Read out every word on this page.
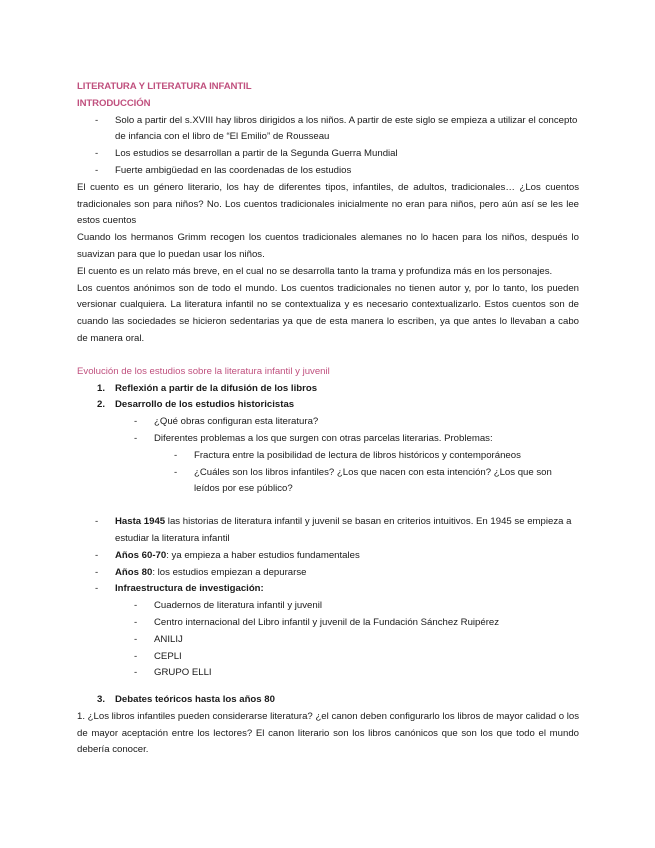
LITERATURA Y LITERATURA INFANTIL
INTRODUCCIÓN
- Solo a partir del s.XVIII hay libros dirigidos a los niños. A partir de este siglo se empieza a utilizar el concepto de infancia con el libro de “El Emilio” de Rousseau
- Los estudios se desarrollan a partir de la Segunda Guerra Mundial
- Fuerte ambigüedad en las coordenadas de los estudios

El cuento es un género literario, los hay de diferentes tipos, infantiles, de adultos, tradicionales… ¿Los cuentos tradicionales son para niños? No. Los cuentos tradicionales inicialmente no eran para niños, pero aún así se les lee estos cuentos

Cuando los hermanos Grimm recogen los cuentos tradicionales alemanes no lo hacen para los niños, después lo suavizan para que lo puedan usar los niños.

El cuento es un relato más breve, en el cual no se desarrolla tanto la trama y profundiza más en los personajes.

Los cuentos anónimos son de todo el mundo. Los cuentos tradicionales no tienen autor y, por lo tanto, los pueden versionar cualquiera. La literatura infantil no se contextualiza y es necesario contextualizarlo. Estos cuentos son de cuando las sociedades se hicieron sedentarias ya que de esta manera lo escriben, ya que antes lo llevaban a cabo de manera oral.

Evolución de los estudios sobre la literatura infantil y juvenil
1. Reflexión a partir de la difusión de los libros
2. Desarrollo de los estudios historicistas
- ¿Qué obras configuran esta literatura?
- Diferentes problemas a los que surgen con otras parcelas literarias. Problemas:
- Fractura entre la posibilidad de lectura de libros históricos y contemporáneos
- ¿Cuáles son los libros infantiles? ¿Los que nacen con esta intención? ¿Los que son leídos por ese público?
- Hasta 1945 las historias de literatura infantil y juvenil se basan en criterios intuitivos. En 1945 se empieza a estudiar la literatura infantil
- Años 60-70: ya empieza a haber estudios fundamentales
- Años 80: los estudios empiezan a depurarse
- Infraestructura de investigación:
- Cuadernos de literatura infantil y juvenil
- Centro internacional del Libro infantil y juvenil de la Fundación Sánchez Ruipérez
- ANILIJ
- CEPLI
- GRUPO ELLI
3. Debates teóricos hasta los años 80

1. ¿Los libros infantiles pueden considerarse literatura? ¿el canon deben configurarlo los libros de mayor calidad o los de mayor aceptación entre los lectores? El canon literario son los libros canónicos que son los que todo el mundo debería conocer.
